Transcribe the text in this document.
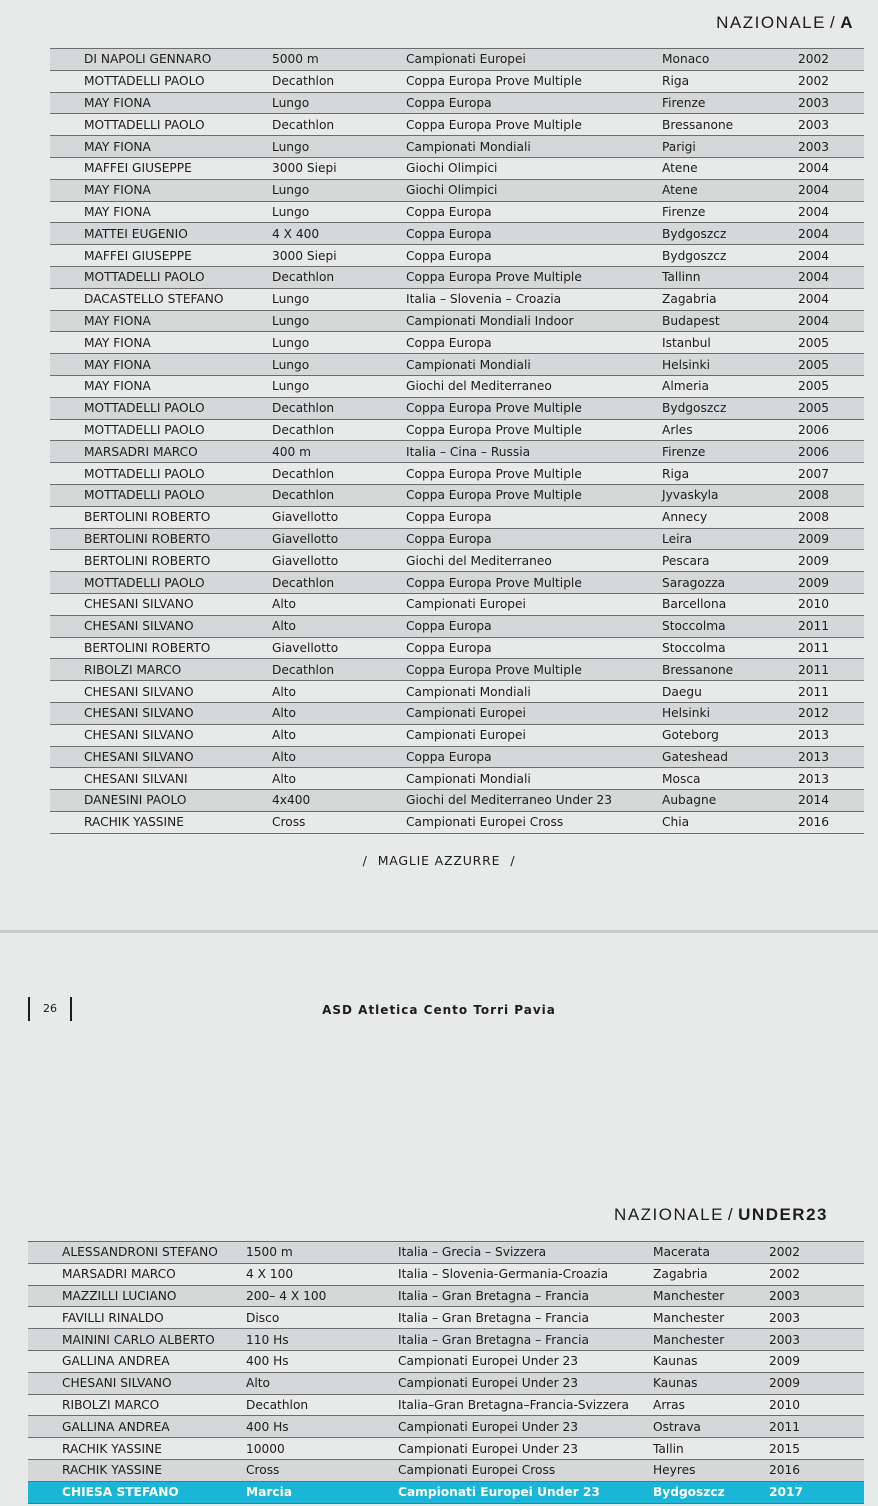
NAZIONALE / A
DI NAPOLI GENNARO	5000 m	Campionati Europei	Monaco	2002
MOTTADELLI PAOLO	Decathlon	Coppa Europa Prove Multiple	Riga	2002
MAY FIONA	Lungo	Coppa Europa	Firenze	2003
MOTTADELLI PAOLO	Decathlon	Coppa Europa Prove Multiple	Bressanone	2003
MAY FIONA	Lungo	Campionati Mondiali	Parigi	2003
MAFFEI GIUSEPPE	3000 Siepi	Giochi Olimpici	Atene	2004
MAY FIONA	Lungo	Giochi Olimpici	Atene	2004
MAY FIONA	Lungo	Coppa Europa	Firenze	2004
MATTEI EUGENIO	4 X 400	Coppa Europa	Bydgoszcz	2004
MAFFEI GIUSEPPE	3000 Siepi	Coppa Europa	Bydgoszcz	2004
MOTTADELLI PAOLO	Decathlon	Coppa Europa Prove Multiple	Tallinn	2004
DACASTELLO STEFANO	Lungo	Italia – Slovenia – Croazia	Zagabria	2004
MAY FIONA	Lungo	Campionati Mondiali Indoor	Budapest	2004
MAY FIONA	Lungo	Coppa Europa	Istanbul	2005
MAY FIONA	Lungo	Campionati Mondiali	Helsinki	2005
MAY FIONA	Lungo	Giochi del Mediterraneo	Almeria	2005
MOTTADELLI PAOLO	Decathlon	Coppa Europa Prove Multiple	Bydgoszcz	2005
MOTTADELLI PAOLO	Decathlon	Coppa Europa Prove Multiple	Arles	2006
MARSADRI MARCO	400 m	Italia – Cina – Russia	Firenze	2006
MOTTADELLI PAOLO	Decathlon	Coppa Europa Prove Multiple	Riga	2007
MOTTADELLI PAOLO	Decathlon	Coppa Europa Prove Multiple	Jyvaskyla	2008
BERTOLINI ROBERTO	Giavellotto	Coppa Europa	Annecy	2008
BERTOLINI ROBERTO	Giavellotto	Coppa Europa	Leira	2009
BERTOLINI ROBERTO	Giavellotto	Giochi del Mediterraneo	Pescara	2009
MOTTADELLI PAOLO	Decathlon	Coppa Europa Prove Multiple	Saragozza	2009
CHESANI SILVANO	Alto	Campionati Europei	Barcellona	2010
CHESANI SILVANO	Alto	Coppa Europa	Stoccolma	2011
BERTOLINI ROBERTO	Giavellotto	Coppa Europa	Stoccolma	2011
RIBOLZI MARCO	Decathlon	Coppa Europa Prove Multiple	Bressanone	2011
CHESANI SILVANO	Alto	Campionati Mondiali	Daegu	2011
CHESANI SILVANO	Alto	Campionati Europei	Helsinki	2012
CHESANI SILVANO	Alto	Campionati Europei	Goteborg	2013
CHESANI SILVANO	Alto	Coppa Europa	Gateshead	2013
CHESANI SILVANI	Alto	Campionati Mondiali	Mosca	2013
DANESINI PAOLO	4x400	Giochi del Mediterraneo Under 23	Aubagne	2014
RACHIK YASSINE	Cross	Campionati Europei Cross	Chia	2016
/ MAGLIE AZZURRE /
26	ASD Atletica Cento Torri Pavia
NAZIONALE / UNDER23
ALESSANDRONI STEFANO	1500 m	Italia – Grecia – Svizzera	Macerata	2002
MARSADRI MARCO	4 X 100	Italia – Slovenia-Germania-Croazia	Zagabria	2002
MAZZILLI LUCIANO	200– 4 X 100	Italia – Gran Bretagna – Francia	Manchester	2003
FAVILLI RINALDO	Disco	Italia – Gran Bretagna – Francia	Manchester	2003
MAININI CARLO ALBERTO	110 Hs	Italia – Gran Bretagna – Francia	Manchester	2003
GALLINA ANDREA	400 Hs	Campionati Europei Under 23	Kaunas	2009
CHESANI SILVANO	Alto	Campionati Europei Under 23	Kaunas	2009
RIBOLZI MARCO	Decathlon	Italia–Gran Bretagna–Francia-Svizzera	Arras	2010
GALLINA ANDREA	400 Hs	Campionati Europei Under 23	Ostrava	2011
RACHIK YASSINE	10000	Campionati Europei Under 23	Tallin	2015
RACHIK YASSINE	Cross	Campionati Europei Cross	Heyres	2016
CHIESA STEFANO	Marcia	Campionati Europei Under 23	Bydgoszcz	2017
